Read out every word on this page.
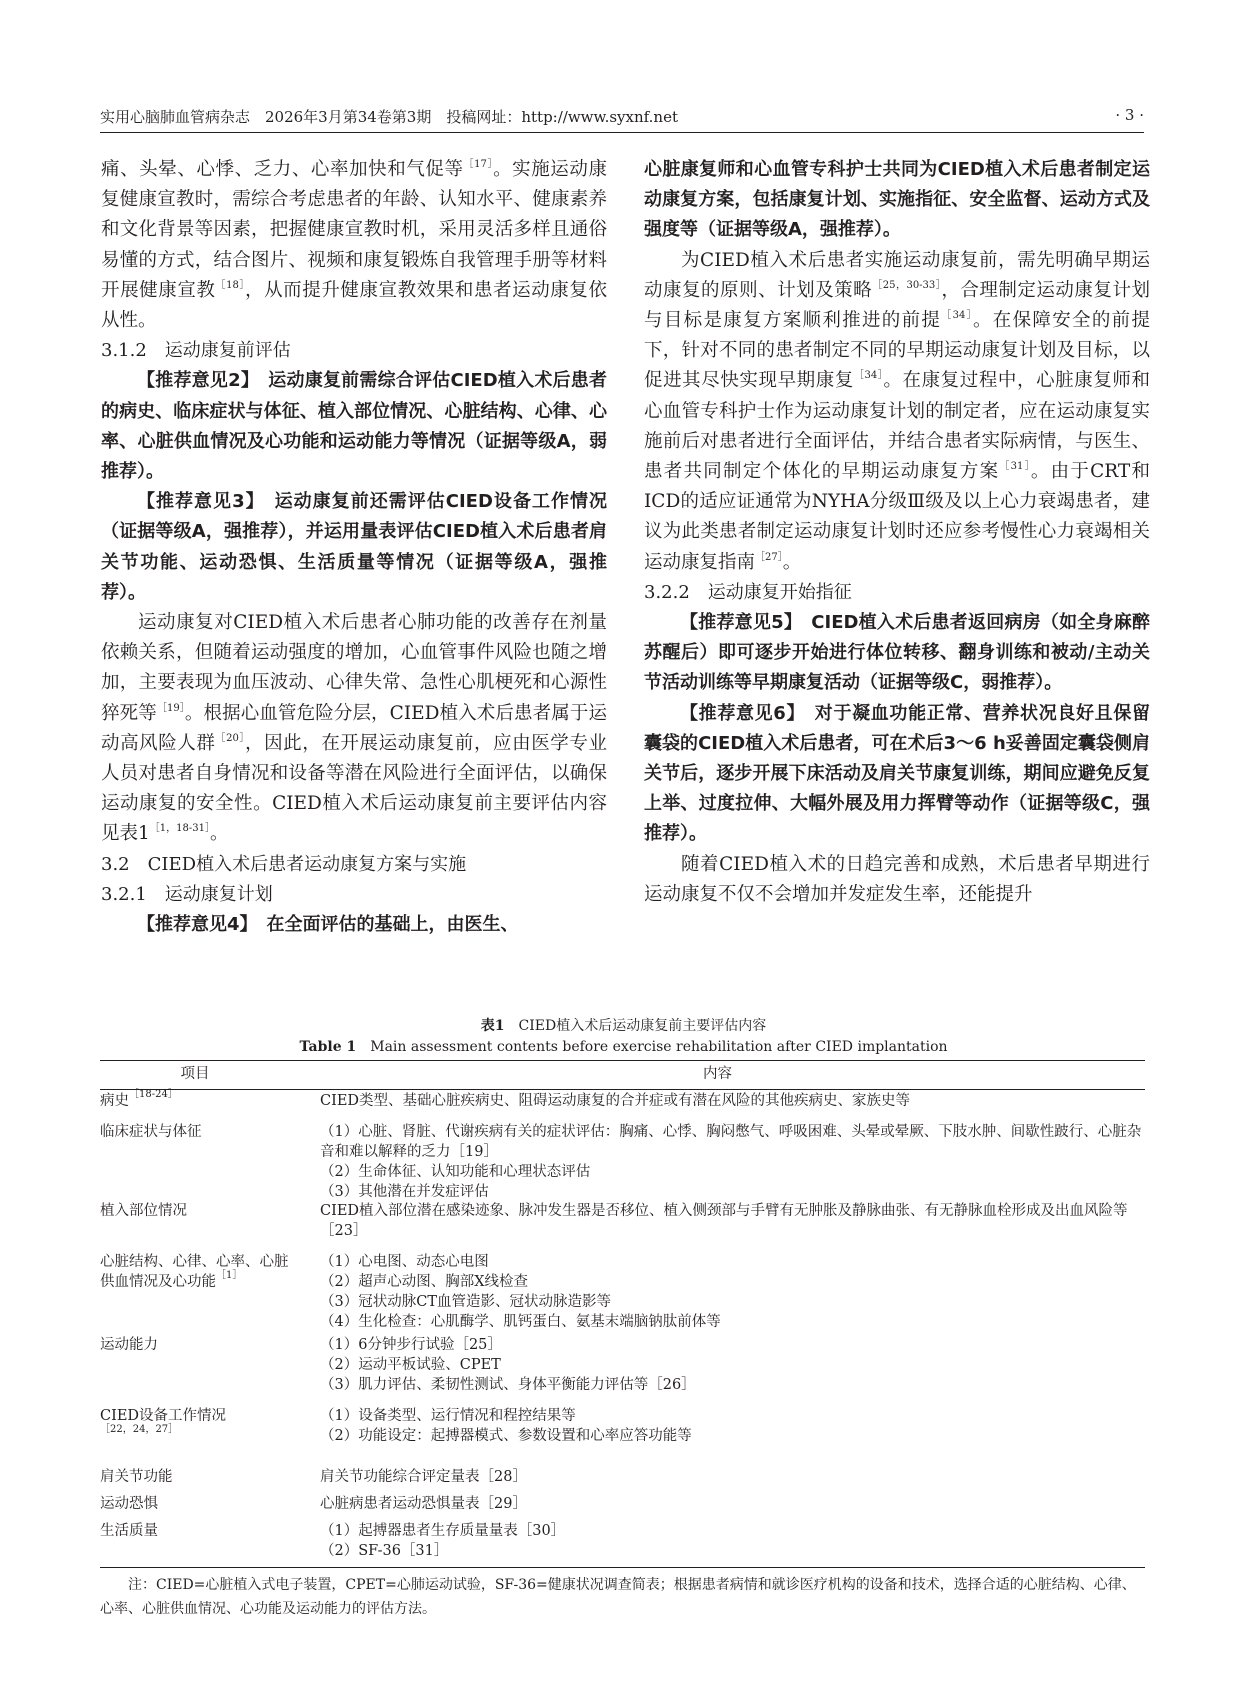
实用心脑肺血管病杂志　2026年3月第34卷第3期　投稿网址：http://www.syxnf.net	· 3 ·

痛、头晕、心悸、乏力、心率加快和气促等$^{[17]}$。实施运动康复健康宣教时，需综合考虑患者的年龄、认知水平、健康素养和文化背景等因素，把握健康宣教时机，采用灵活多样且通俗易懂的方式，结合图片、视频和康复锻炼自我管理手册等材料开展健康宣教$^{[18]}$，从而提升健康宣教效果和患者运动康复依从性。

3.1.2　运动康复前评估

【推荐意见2】　运动康复前需综合评估CIED植入术后患者的病史、临床症状与体征、植入部位情况、心脏结构、心律、心率、心脏供血情况及心功能和运动能力等情况（证据等级A，弱推荐）。

【推荐意见3】　运动康复前还需评估CIED设备工作情况（证据等级A，强推荐），并运用量表评估CIED植入术后患者肩关节功能、运动恐惧、生活质量等情况（证据等级A，强推荐）。

运动康复对CIED植入术后患者心肺功能的改善存在剂量依赖关系，但随着运动强度的增加，心血管事件风险也随之增加，主要表现为血压波动、心律失常、急性心肌梗死和心源性猝死等$^{[19]}$。根据心血管危险分层，CIED植入术后患者属于运动高风险人群$^{[20]}$，因此，在开展运动康复前，应由医学专业人员对患者自身情况和设备等潜在风险进行全面评估，以确保运动康复的安全性。CIED植入术后运动康复前主要评估内容见表$1^{[1,18-31]}$。

3.2　CIED植入术后患者运动康复方案与实施

3.2.1　运动康复计划

【推荐意见4】　在全面评估的基础上，由医生、

心脏康复师和心血管专科护士共同为CIED植入术后患者制定运动康复方案，包括康复计划、实施指征、安全监督、运动方式及强度等（证据等级A，强推荐）。

为CIED植入术后患者实施运动康复前，需先明确早期运动康复的原则、计划及策略$^{[25,30-33]}$，合理制定运动康复计划与目标是康复方案顺利推进的前提$^{[34]}$。在保障安全的前提下，针对不同的患者制定不同的早期运动康复计划及目标，以促进其尽快实现早期康复$^{[34]}$。在康复过程中，心脏康复师和心血管专科护士作为运动康复计划的制定者，应在运动康复实施前后对患者进行全面评估，并结合患者实际病情，与医生、患者共同制定个体化的早期运动康复方案$^{[31]}$。由于CRT和ICD的适应证通常为NYHA分级Ⅲ级及以上心力衰竭患者，建议为此类患者制定运动康复计划时还应参考慢性心力衰竭相关运动康复指南$^{[27]}$。

3.2.2　运动康复开始指征

【推荐意见5】　CIED植入术后患者返回病房（如全身麻醉苏醒后）即可逐步开始进行体位转移、翻身训练和被动/主动关节活动训练等早期康复活动（证据等级C，弱推荐）。

【推荐意见6】　对于凝血功能正常、营养状况良好且保留囊袋的CIED植入术后患者，可在术后3～6 h妥善固定囊袋侧肩关节后，逐步开展下床活动及肩关节康复训练，期间应避免反复上举、过度拉伸、大幅外展及用力挥臂等动作（证据等级C，强推荐）。

随着CIED植入术的日趋完善和成熟，术后患者早期进行运动康复不仅不会增加并发症发生率，还能提升

表1　 CIED植入术后运动康复前主要评估内容
Table 1　 Main assessment contents before exercise rehabilitation after CIED implantation
项目	内容
病史$^{[18-24]}$	CIED类型、基础心脏疾病史、阻碍运动康复的合并症或有潜在风险的其他疾病史、家族史等
临床症状与体征	（1）心脏、肾脏、代谢疾病有关的症状评估：胸痛、心悸、胸闷憋气、呼吸困难、头晕或晕厥、下肢水肿、间歇性跛行、心脏杂音和难以解释的乏力［19］
（2）生命体征、认知功能和心理状态评估
（3）其他潜在并发症评估
植入部位情况	CIED植入部位潜在感染迹象、脉冲发生器是否移位、植入侧颈部与手臂有无肿胀及静脉曲张、有无静脉血栓形成及出血风险等［23］
心脏结构、心律、心率、心脏供血情况及心功能$^{[1]}$
（1）心电图、动态心电图
（2）超声心动图、胸部X线检查
（3）冠状动脉CT血管造影、冠状动脉造影等
（4）生化检查：心肌酶学、肌钙蛋白、氨基末端脑钠肽前体等
运动能力	（1）6分钟步行试验［25］
（2）运动平板试验、CPET
（3）肌力评估、柔韧性测试、身体平衡能力评估等［26］
CIED设备工作情况$^{[22,24,27]}$
（1）设备类型、运行情况和程控结果等
（2）功能设定：起搏器模式、参数设置和心率应答功能等
肩关节功能	肩关节功能综合评定量表［28］
运动恐惧	心脏病患者运动恐惧量表［29］
生活质量	（1）起搏器患者生存质量量表［30］
（2）SF-36［31］
注：CIED=心脏植入式电子装置，CPET=心肺运动试验，SF-36=健康状况调查简表；根据患者病情和就诊医疗机构的设备和技术，选择合适的心脏结构、心律、心率、心脏供血情况、心功能及运动能力的评估方法。
